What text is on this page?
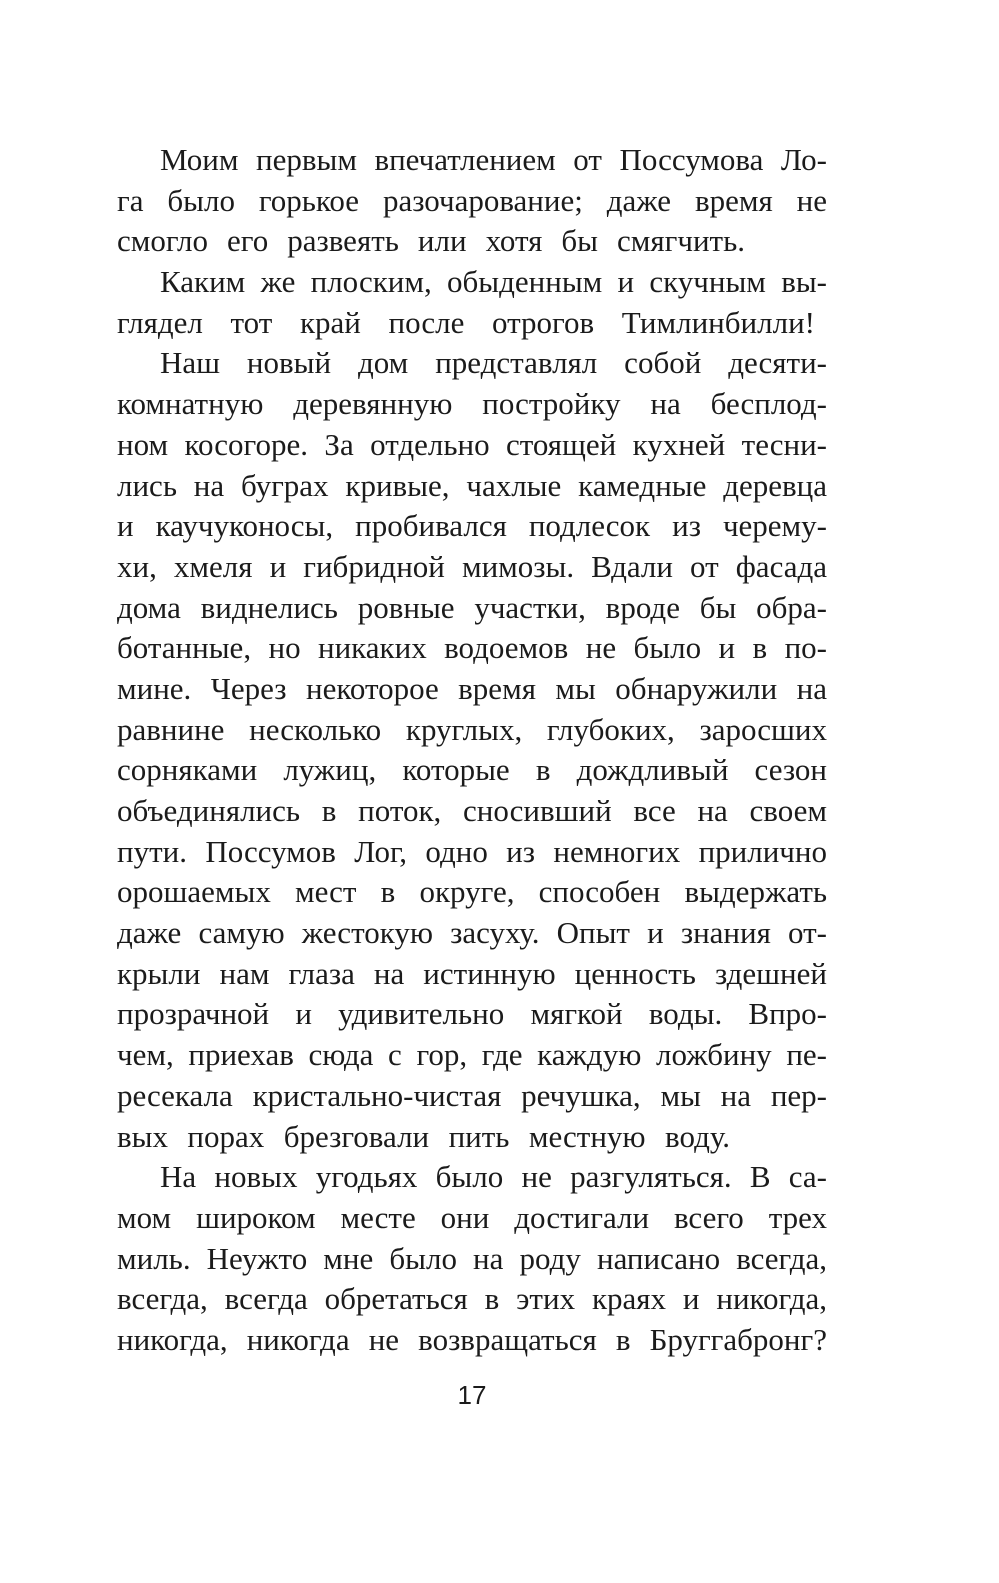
Моим первым впечатлением от Поссумова Ло-
га было горькое разочарование; даже время не
смогло его развеять или хотя бы смягчить.
Каким же плоским, обыденным и скучным вы-
глядел тот край после отрогов Тимлинбилли!
Наш новый дом представлял собой десяти-
комнатную деревянную постройку на бесплод-
ном косогоре. За отдельно стоящей кухней тесни-
лись на буграх кривые, чахлые камедные деревца
и каучуконосы, пробивался подлесок из черему-
хи, хмеля и гибридной мимозы. Вдали от фасада
дома виднелись ровные участки, вроде бы обра-
ботанные, но никаких водоемов не было и в по-
мине. Через некоторое время мы обнаружили на
равнине несколько круглых, глубоких, заросших
сорняками лужиц, которые в дождливый сезон
объединялись в поток, сносивший все на своем
пути. Поссумов Лог, одно из немногих прилично
орошаемых мест в округе, способен выдержать
даже самую жестокую засуху. Опыт и знания от-
крыли нам глаза на истинную ценность здешней
прозрачной и удивительно мягкой воды. Впро-
чем, приехав сюда с гор, где каждую ложбину пе-
ресекала кристально-чистая речушка, мы на пер-
вых порах брезговали пить местную воду.
На новых угодьях было не разгуляться. В са-
мом широком месте они достигали всего трех
миль. Неужто мне было на роду написано всегда,
всегда, всегда обретаться в этих краях и никогда,
никогда, никогда не возвращаться в Бруггабронг?
17
